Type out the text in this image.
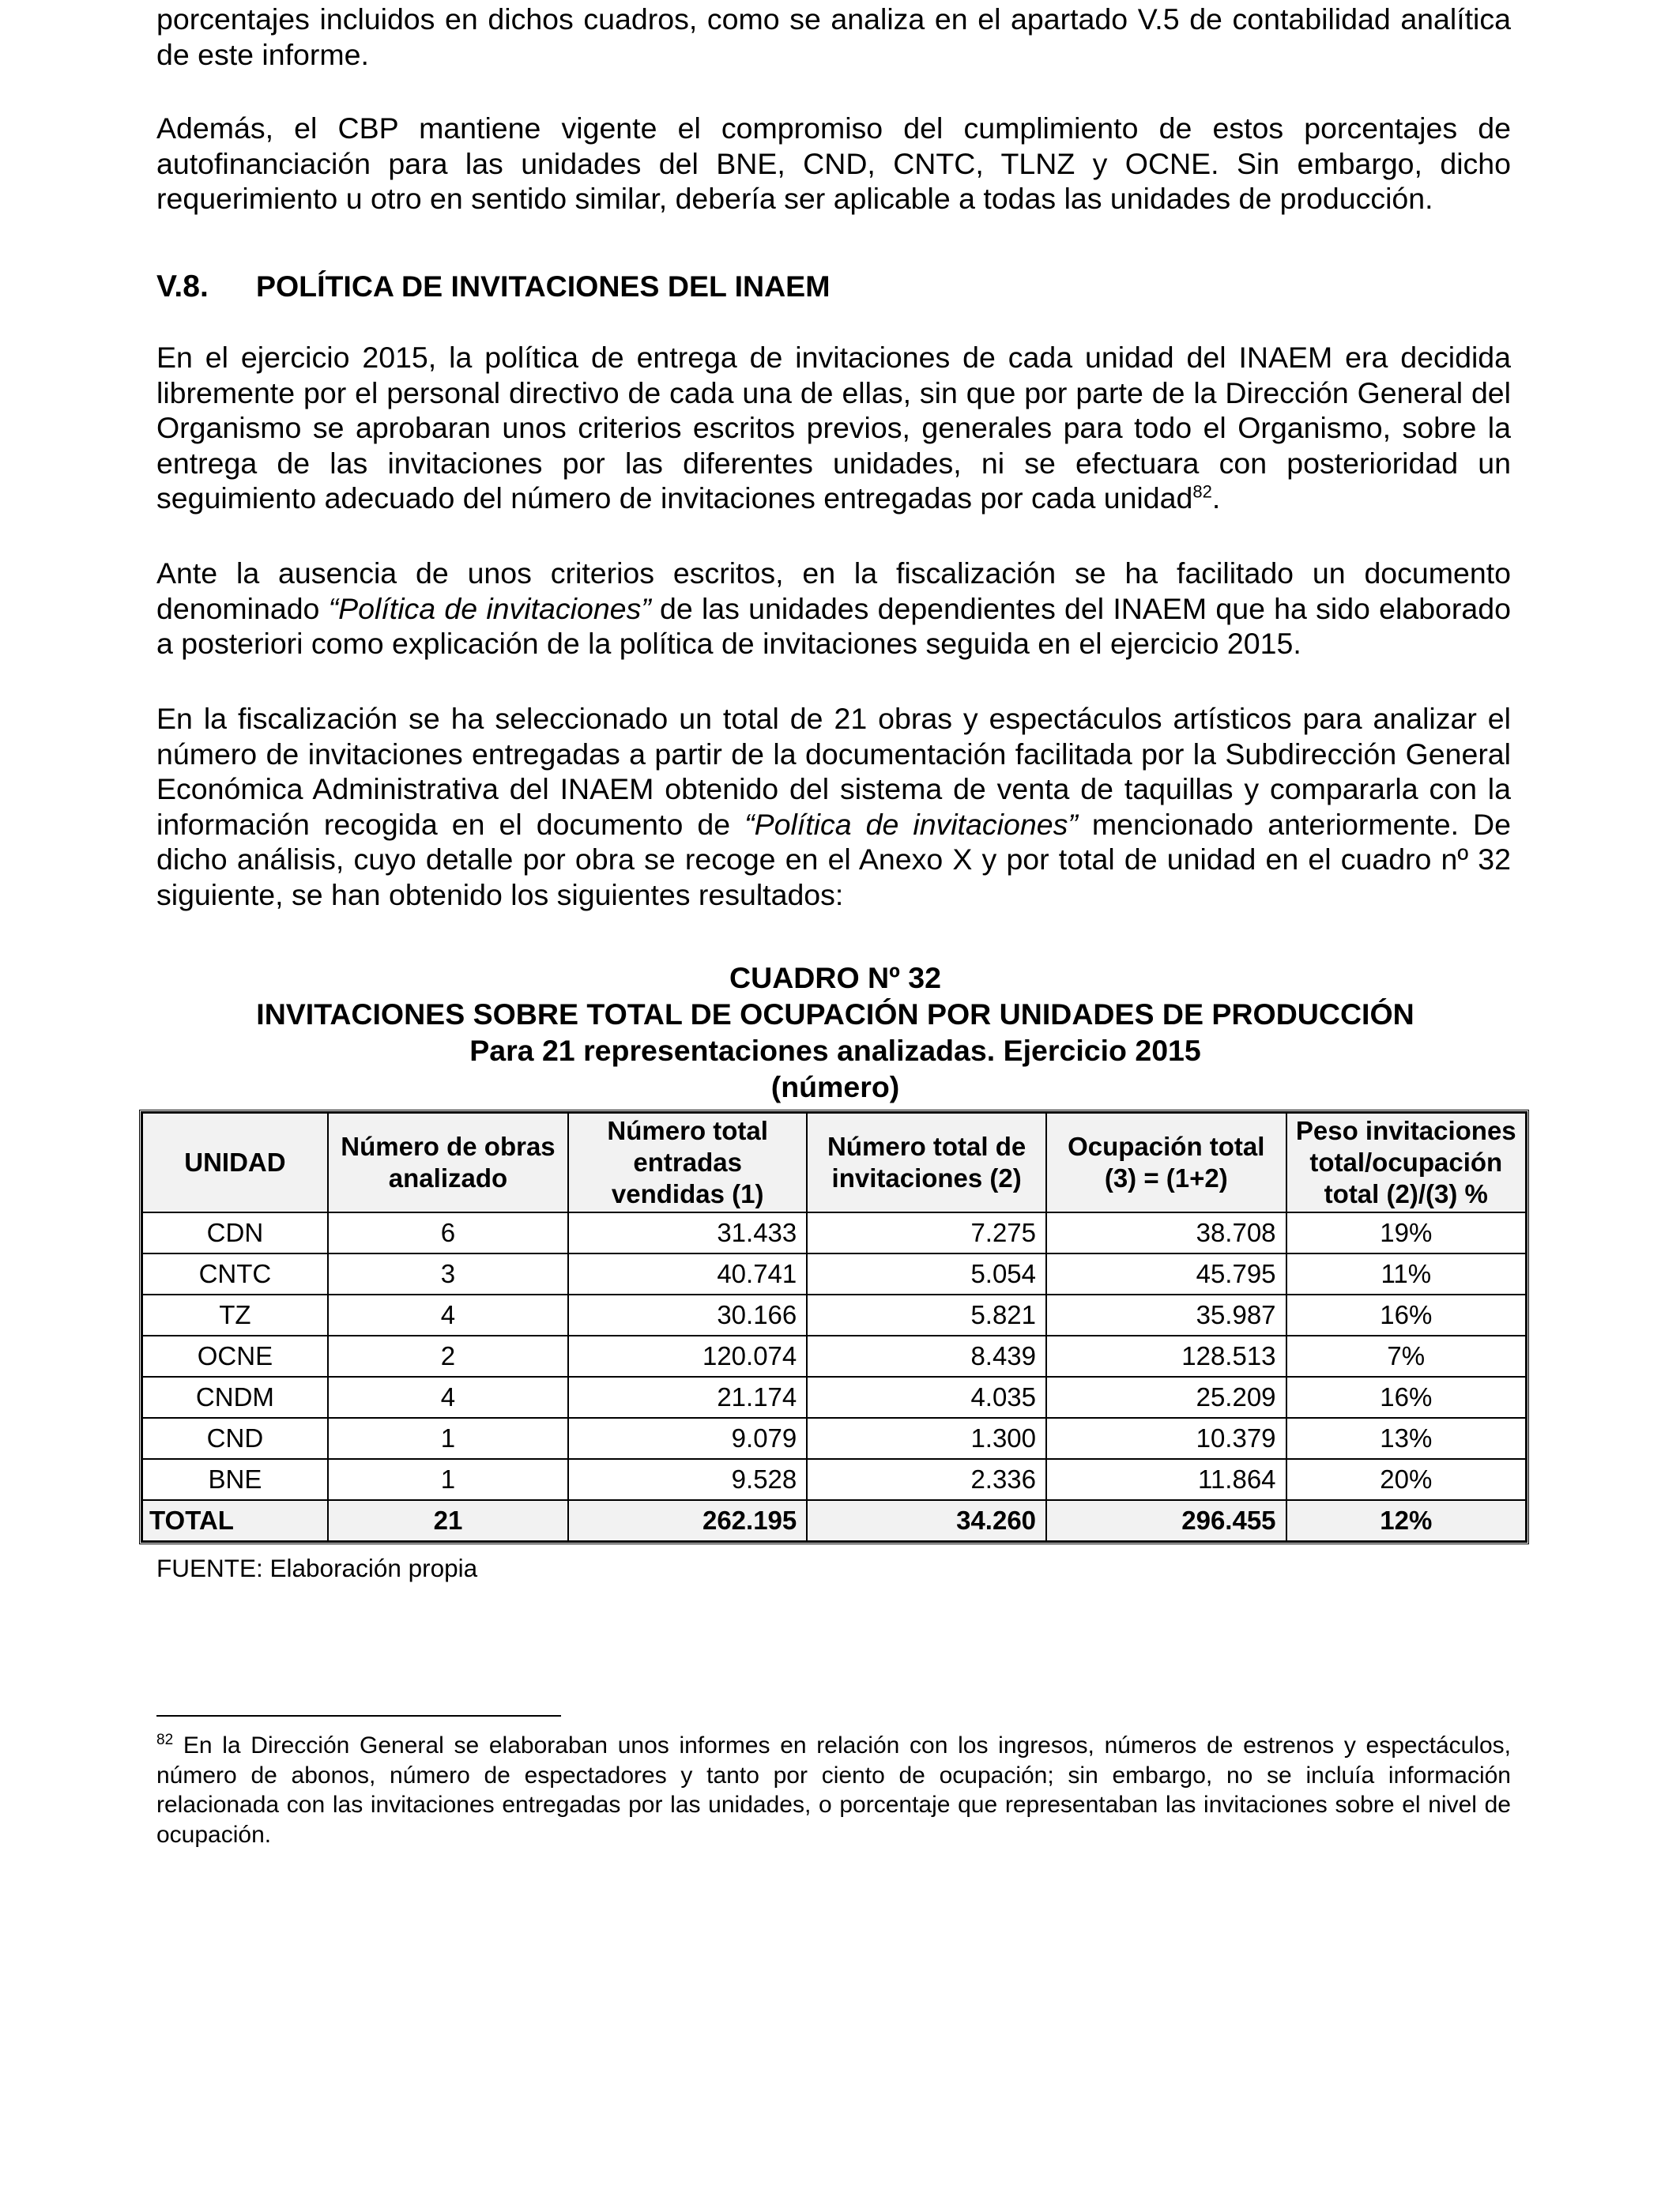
porcentajes incluidos en dichos cuadros, como se analiza en el apartado V.5 de contabilidad analítica de este informe.

Además, el CBP mantiene vigente el compromiso del cumplimiento de estos porcentajes de autofinanciación para las unidades del BNE, CND, CNTC, TLNZ y OCNE. Sin embargo, dicho requerimiento u otro en sentido similar, debería ser aplicable a todas las unidades de producción.

V.8. POLÍTICA DE INVITACIONES DEL INAEM

En el ejercicio 2015, la política de entrega de invitaciones de cada unidad del INAEM era decidida libremente por el personal directivo de cada una de ellas, sin que por parte de la Dirección General del Organismo se aprobaran unos criterios escritos previos, generales para todo el Organismo, sobre la entrega de las invitaciones por las diferentes unidades, ni se efectuara con posterioridad un seguimiento adecuado del número de invitaciones entregadas por cada unidad$^{82}$.

Ante la ausencia de unos criterios escritos, en la fiscalización se ha facilitado un documento denominado “Política de invitaciones” de las unidades dependientes del INAEM que ha sido elaborado a posteriori como explicación de la política de invitaciones seguida en el ejercicio 2015.

En la fiscalización se ha seleccionado un total de 21 obras y espectáculos artísticos para analizar el número de invitaciones entregadas a partir de la documentación facilitada por la Subdirección General Económica Administrativa del INAEM obtenido del sistema de venta de taquillas y compararla con la información recogida en el documento de “Política de invitaciones” mencionado anteriormente. De dicho análisis, cuyo detalle por obra se recoge en el Anexo X y por total de unidad en el cuadro nº 32 siguiente, se han obtenido los siguientes resultados:

CUADRO Nº 32
INVITACIONES SOBRE TOTAL DE OCUPACIÓN POR UNIDADES DE PRODUCCIÓN
Para 21 representaciones analizadas. Ejercicio 2015
(número)
UNIDAD	Número de obras analizado	Número total entradas vendidas (1)	Número total de invitaciones (2)	Ocupación total (3) = (1+2)	Peso invitaciones total/ocupación total (2)/(3) %
CDN	6	31.433	7.275	38.708	19%
CNTC	3	40.741	5.054	45.795	11%
TZ	4	30.166	5.821	35.987	16%
OCNE	2	120.074	8.439	128.513	7%
CNDM	4	21.174	4.035	25.209	16%
CND	1	9.079	1.300	10.379	13%
BNE	1	9.528	2.336	11.864	20%
TOTAL	21	262.195	34.260	296.455	12%
FUENTE: Elaboración propia

$^{82}$ En la Dirección General se elaboraban unos informes en relación con los ingresos, números de estrenos y espectáculos, número de abonos, número de espectadores y tanto por ciento de ocupación; sin embargo, no se incluía información relacionada con las invitaciones entregadas por las unidades, o porcentaje que representaban las invitaciones sobre el nivel de ocupación.
